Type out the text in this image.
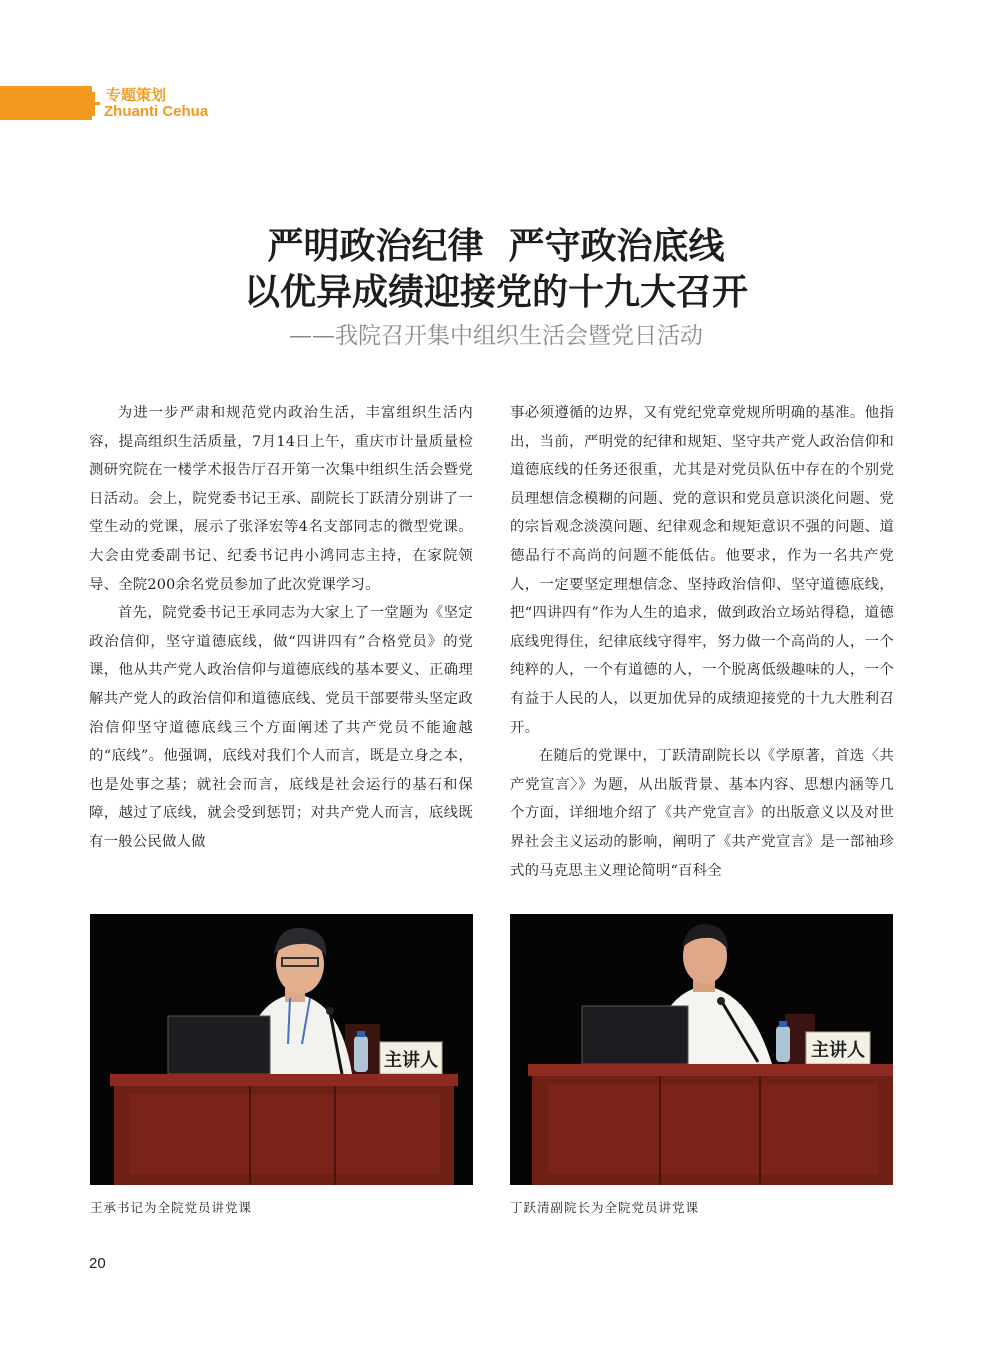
专题策划
Zhuanti Cehua
严明政治纪律  严守政治底线
以优异成绩迎接党的十九大召开
——我院召开集中组织生活会暨党日活动

为进一步严肃和规范党内政治生活，丰富组织生活内容，提高组织生活质量，7月14日上午，重庆市计量质量检测研究院在一楼学术报告厅召开第一次集中组织生活会暨党日活动。会上，院党委书记王承、副院长丁跃清分别讲了一堂生动的党课，展示了张泽宏等4名支部同志的微型党课。大会由党委副书记、纪委书记冉小鸿同志主持，在家院领导、全院200余名党员参加了此次党课学习。

首先，院党委书记王承同志为大家上了一堂题为《坚定政治信仰，坚守道德底线，做“四讲四有”合格党员》的党课，他从共产党人政治信仰与道德底线的基本要义、正确理解共产党人的政治信仰和道德底线、党员干部要带头坚定政治信仰坚守道德底线三个方面阐述了共产党员不能逾越的“底线”。他强调，底线对我们个人而言，既是立身之本，也是处事之基；就社会而言，底线是社会运行的基石和保障，越过了底线，就会受到惩罚；对共产党人而言，底线既有一般公民做人做

事必须遵循的边界，又有党纪党章党规所明确的基准。他指出，当前，严明党的纪律和规矩、坚守共产党人政治信仰和道德底线的任务还很重，尤其是对党员队伍中存在的个别党员理想信念模糊的问题、党的意识和党员意识淡化问题、党的宗旨观念淡漠问题、纪律观念和规矩意识不强的问题、道德品行不高尚的问题不能低估。他要求，作为一名共产党人，一定要坚定理想信念、坚持政治信仰、坚守道德底线，把“四讲四有”作为人生的追求，做到政治立场站得稳，道德底线兜得住，纪律底线守得牢，努力做一个高尚的人，一个纯粹的人，一个有道德的人，一个脱离低级趣味的人，一个有益于人民的人，以更加优异的成绩迎接党的十九大胜利召开。

在随后的党课中，丁跃清副院长以《学原著，首选〈共产党宣言〉》为题，从出版背景、基本内容、思想内涵等几个方面，详细地介绍了《共产党宣言》的出版意义以及对世界社会主义运动的影响，阐明了《共产党宣言》是一部袖珍式的马克思主义理论简明“百科全

主讲人	主讲人
王承书记为全院党员讲党课	丁跃清副院长为全院党员讲党课
20
